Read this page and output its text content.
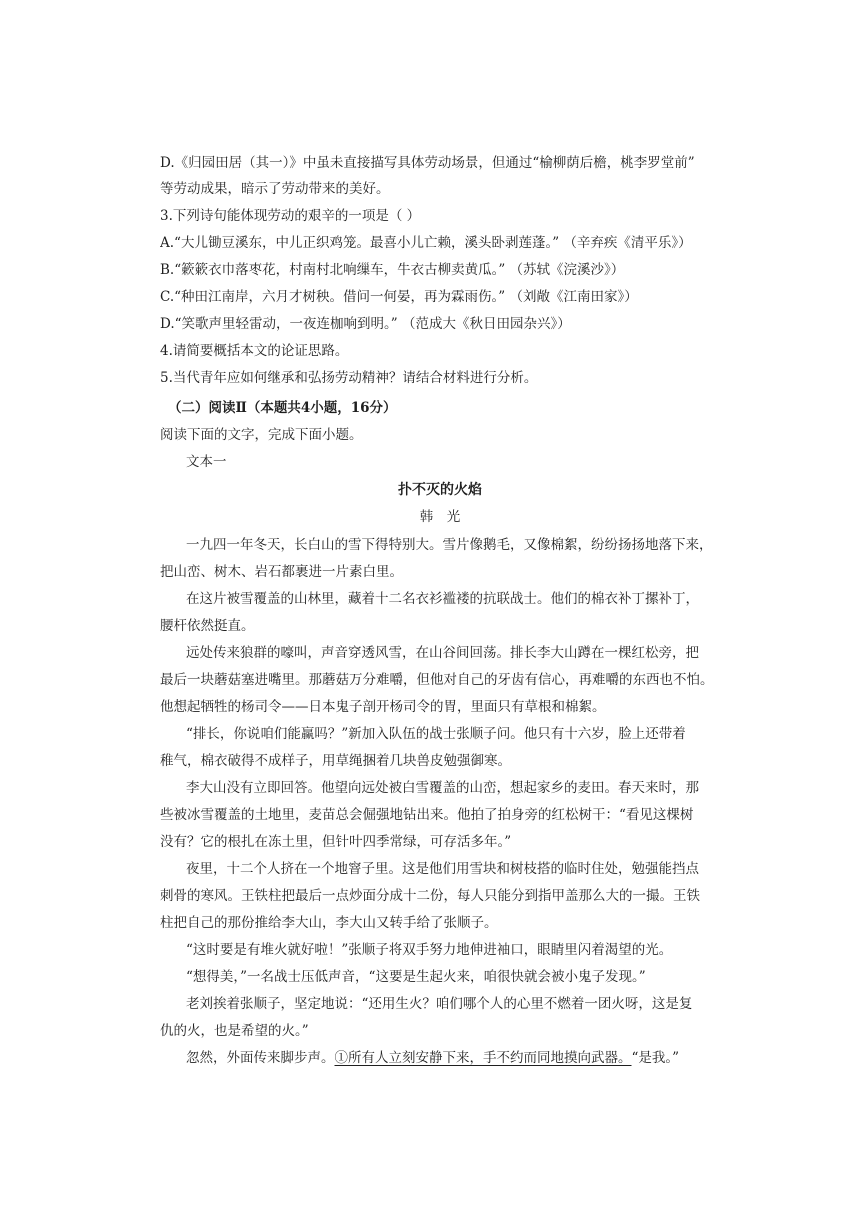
D.《归园田居（其一）》中虽未直接描写具体劳动场景，但通过“榆柳荫后檐，桃李罗堂前”
等劳动成果，暗示了劳动带来的美好。
3.下列诗句能体现劳动的艰辛的一项是（ ）
A.“大儿锄豆溪东，中儿正织鸡笼。最喜小儿亡赖，溪头卧剥莲蓬。” （辛弃疾《清平乐》）
B.“簌簌衣巾落枣花，村南村北响缫车，牛衣古柳卖黄瓜。” （苏轼《浣溪沙》）
C.“种田江南岸，六月才树秧。借问一何晏，再为霖雨伤。” （刘敞《江南田家》）
D.“笑歌声里轻雷动，一夜连枷响到明。” （范成大《秋日田园杂兴》）
4.请简要概括本文的论证思路。
5.当代青年应如何继承和弘扬劳动精神？请结合材料进行分析。
（二）阅读Ⅱ（本题共4小题，16分）
阅读下面的文字，完成下面小题。
文本一
扑不灭的火焰
韩　光
一九四一年冬天，长白山的雪下得特别大。雪片像鹅毛，又像棉絮，纷纷扬扬地落下来，
把山峦、树木、岩石都裹进一片素白里。
在这片被雪覆盖的山林里，藏着十二名衣衫褴褛的抗联战士。他们的棉衣补丁摞补丁，
腰杆依然挺直。
远处传来狼群的嚎叫，声音穿透风雪，在山谷间回荡。排长李大山蹲在一棵红松旁，把
最后一块蘑菇塞进嘴里。那蘑菇万分难嚼，但他对自己的牙齿有信心，再难嚼的东西也不怕。
他想起牺牲的杨司令——日本鬼子剖开杨司令的胃，里面只有草根和棉絮。
“排长，你说咱们能赢吗？”新加入队伍的战士张顺子问。他只有十六岁，脸上还带着
稚气，棉衣破得不成样子，用草绳捆着几块兽皮勉强御寒。
李大山没有立即回答。他望向远处被白雪覆盖的山峦，想起家乡的麦田。春天来时，那
些被冰雪覆盖的土地里，麦苗总会倔强地钻出来。他拍了拍身旁的红松树干：“看见这棵树
没有？它的根扎在冻土里，但针叶四季常绿，可存活多年。”
夜里，十二个人挤在一个地窨子里。这是他们用雪块和树枝搭的临时住处，勉强能挡点
刺骨的寒风。王铁柱把最后一点炒面分成十二份，每人只能分到指甲盖那么大的一撮。王铁
柱把自己的那份推给李大山，李大山又转手给了张顺子。
“这时要是有堆火就好啦！”张顺子将双手努力地伸进袖口，眼睛里闪着渴望的光。
“想得美，”一名战士压低声音，“这要是生起火来，咱很快就会被小鬼子发现。”
老刘挨着张顺子，坚定地说：“还用生火？咱们哪个人的心里不燃着一团火呀，这是复
仇的火，也是希望的火。”
忽然，外面传来脚步声。①所有人立刻安静下来，手不约而同地摸向武器。“是我。”
